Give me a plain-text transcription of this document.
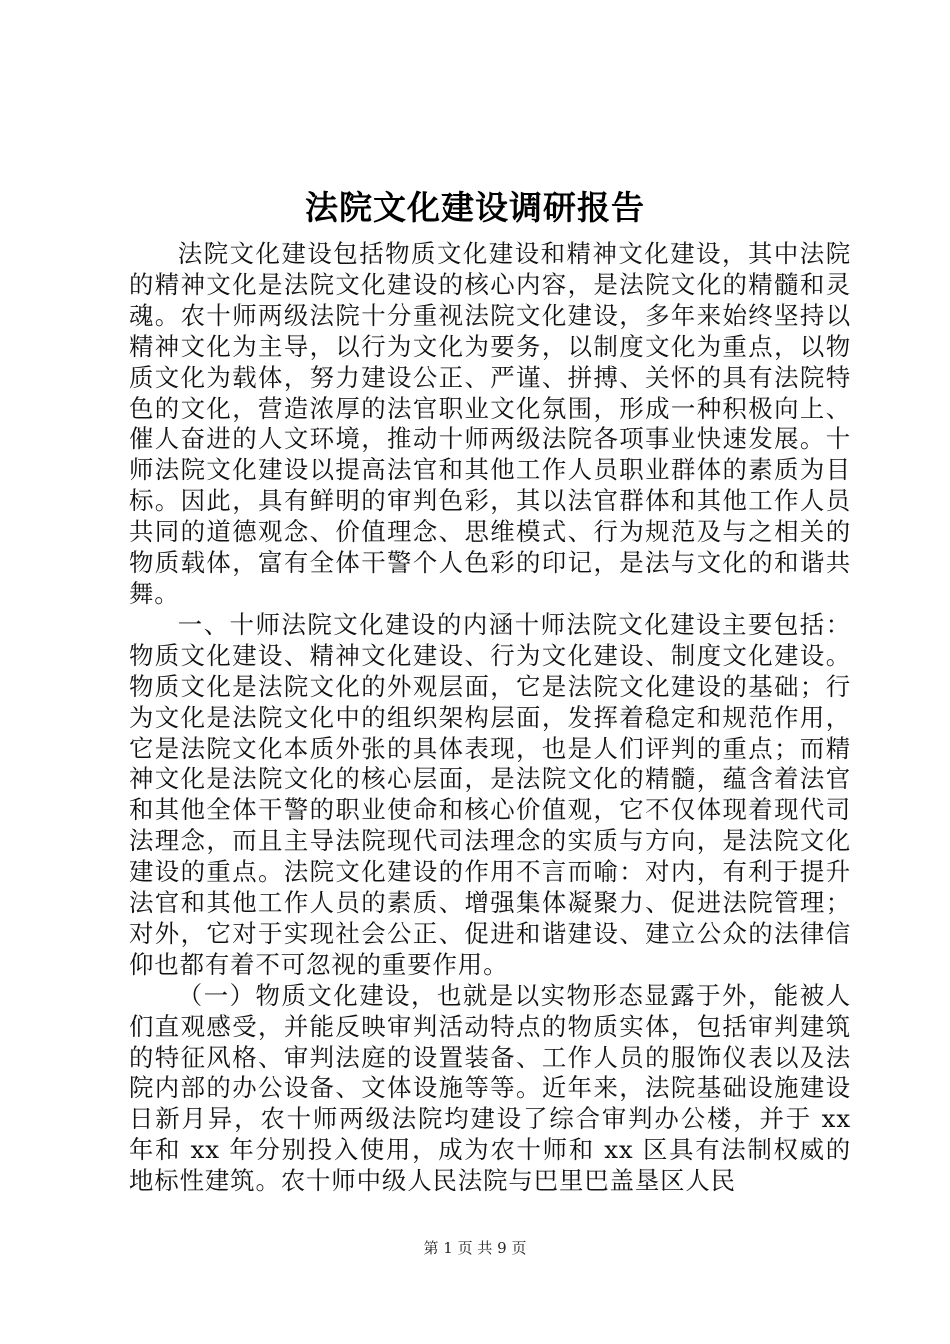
法院文化建设调研报告

法院文化建设包括物质文化建设和精神文化建设，其中法院的精神文化是法院文化建设的核心内容，是法院文化的精髓和灵魂。农十师两级法院十分重视法院文化建设，多年来始终坚持以精神文化为主导，以行为文化为要务，以制度文化为重点，以物质文化为载体，努力建设公正、严谨、拼搏、关怀的具有法院特色的文化，营造浓厚的法官职业文化氛围，形成一种积极向上、催人奋进的人文环境，推动十师两级法院各项事业快速发展。十师法院文化建设以提高法官和其他工作人员职业群体的素质为目标。因此，具有鲜明的审判色彩，其以法官群体和其他工作人员共同的道德观念、价值理念、思维模式、行为规范及与之相关的物质载体，富有全体干警个人色彩的印记，是法与文化的和谐共舞。

一、十师法院文化建设的内涵十师法院文化建设主要包括：物质文化建设、精神文化建设、行为文化建设、制度文化建设。物质文化是法院文化的外观层面，它是法院文化建设的基础；行为文化是法院文化中的组织架构层面，发挥着稳定和规范作用，它是法院文化本质外张的具体表现，也是人们评判的重点；而精神文化是法院文化的核心层面，是法院文化的精髓，蕴含着法官和其他全体干警的职业使命和核心价值观，它不仅体现着现代司法理念，而且主导法院现代司法理念的实质与方向，是法院文化建设的重点。法院文化建设的作用不言而喻：对内，有利于提升法官和其他工作人员的素质、增强集体凝聚力、促进法院管理；对外，它对于实现社会公正、促进和谐建设、建立公众的法律信仰也都有着不可忽视的重要作用。

（一）物质文化建设，也就是以实物形态显露于外，能被人们直观感受，并能反映审判活动特点的物质实体，包括审判建筑的特征风格、审判法庭的设置装备、工作人员的服饰仪表以及法院内部的办公设备、文体设施等等。近年来，法院基础设施建设日新月异，农十师两级法院均建设了综合审判办公楼，并于 xx 年和 xx 年分别投入使用，成为农十师和 xx 区具有法制权威的地标性建筑。农十师中级人民法院与巴里巴盖垦区人民

第 1 页 共 9 页
